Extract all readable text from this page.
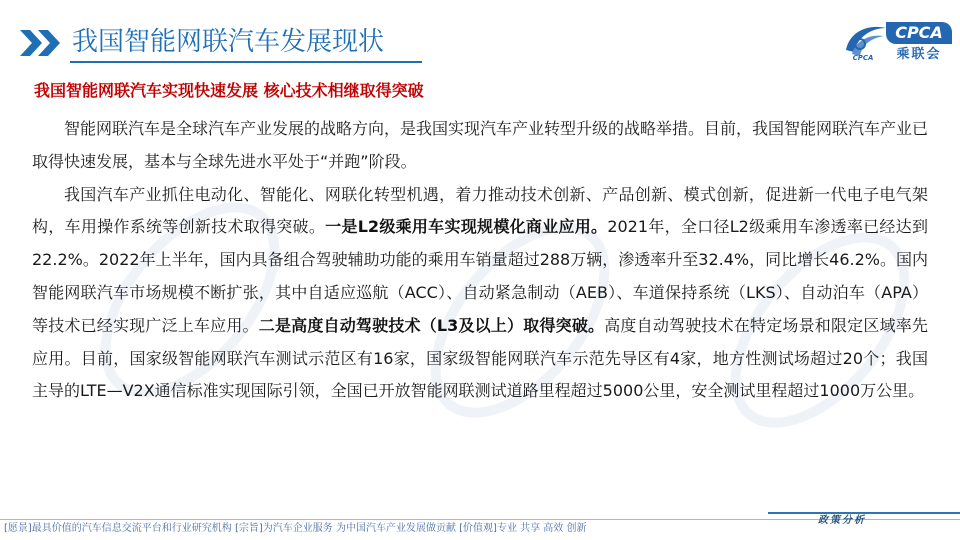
我国智能网联汽车发展现状	CPCA
乘联会
CPCA
我国智能网联汽车实现快速发展 核心技术相继取得突破

智能网联汽车是全球汽车产业发展的战略方向，是我国实现汽车产业转型升级的战略举措。目前，我国智能网联汽车产业已取得快速发展，基本与全球先进水平处于“并跑”阶段。

我国汽车产业抓住电动化、智能化、网联化转型机遇，着力推动技术创新、产品创新、模式创新，促进新一代电子电气架构，车用操作系统等创新技术取得突破。一是L2级乘用车实现规模化商业应用。2021年，全口径L2级乘用车渗透率已经达到22.2%。2022年上半年，国内具备组合驾驶辅助功能的乘用车销量超过288万辆，渗透率升至32.4%，同比增长46.2%。国内智能网联汽车市场规模不断扩张，其中自适应巡航（ACC）、自动紧急制动（AEB）、车道保持系统（LKS）、自动泊车（APA）等技术已经实现广泛上车应用。二是高度自动驾驶技术（L3及以上）取得突破。高度自动驾驶技术在特定场景和限定区域率先应用。目前，国家级智能网联汽车测试示范区有16家，国家级智能网联汽车示范先导区有4家，地方性测试场超过20个；我国主导的LTE—V2X通信标准实现国际引领，全国已开放智能网联测试道路里程超过5000公里，安全测试里程超过1000万公里。

[愿景]最具价值的汽车信息交流平台和行业研究机构 [宗旨]为汽车企业服务 为中国汽车产业发展做贡献 [价值观]专业 共享 高效 创新
政策分析
